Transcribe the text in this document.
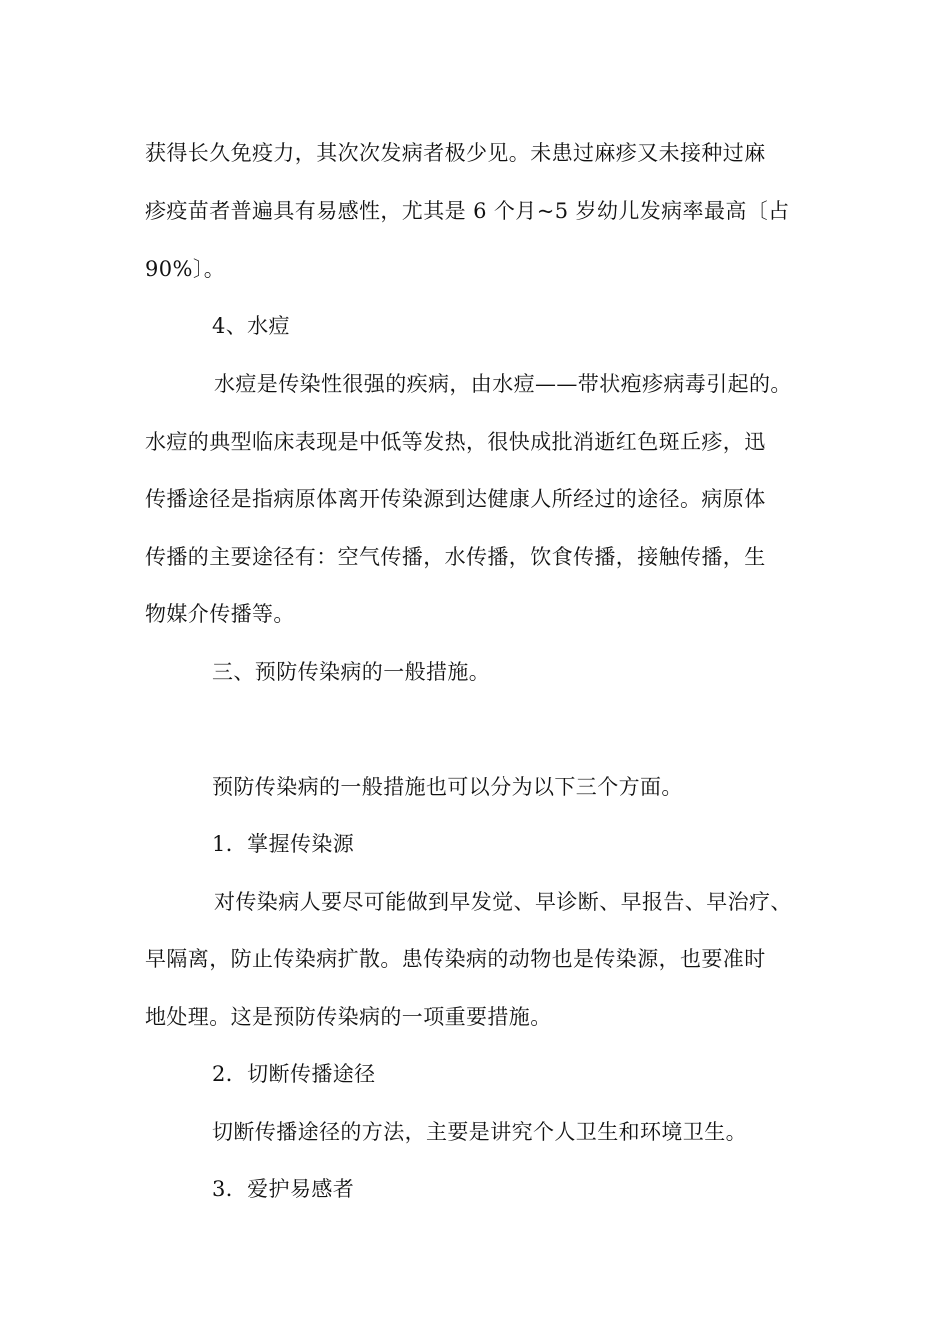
获得长久免疫力，其次次发病者极少见。未患过麻疹又未接种过麻
疹疫苗者普遍具有易感性，尤其是 6 个月~5 岁幼儿发病率最高〔占
90%〕。
4、水痘
水痘是传染性很强的疾病，由水痘——带状疱疹病毒引起的。
水痘的典型临床表现是中低等发热，很快成批消逝红色斑丘疹，迅
传播途径是指病原体离开传染源到达健康人所经过的途径。病原体
传播的主要途径有：空气传播，水传播，饮食传播，接触传播，生
物媒介传播等。
三、预防传染病的一般措施。
预防传染病的一般措施也可以分为以下三个方面。
1．掌握传染源
对传染病人要尽可能做到早发觉、早诊断、早报告、早治疗、
早隔离，防止传染病扩散。患传染病的动物也是传染源，也要准时
地处理。这是预防传染病的一项重要措施。
2．切断传播途径
切断传播途径的方法，主要是讲究个人卫生和环境卫生。
3．爱护易感者
